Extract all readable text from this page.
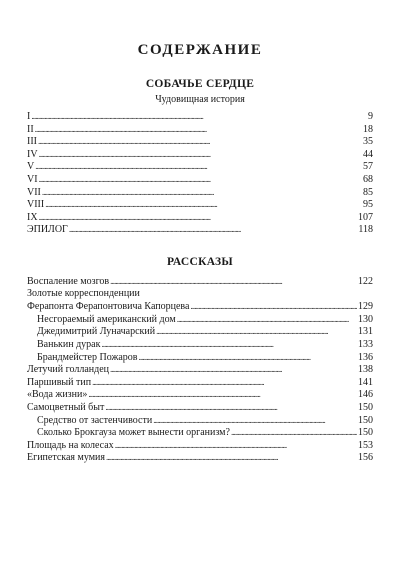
СОДЕРЖАНИЕ
СОБАЧЬЕ СЕРДЦЕ
Чудовищная история
I . . .	9
II . . .	18
III . . .	35
IV . . .	44
V . . .	57
VI . . .	68
VII . . .	85
VIII . . .	95
IX . . .	107
ЭПИЛОГ . . .	118
РАССКАЗЫ
Воспаление мозгов . . .	122
Золотые корреспонденции
Ферапонта Ферапонтовича Капорцева . . .	129
Несгораемый американский дом . . .	130
Джедимитрий Луначарский . . .	131
Ванькин дурак . . .	133
Брандмейстер Пожаров . . .	136
Летучий голландец . . .	138
Паршивый тип . . .	141
«Вода жизни» . . .	146
Самоцветный быт . . .	150
Средство от застенчивости . . .	150
Сколько Брокгауза может вынести организм? . . .	150
Площадь на колесах . . .	153
Египетская мумия . . .	156
